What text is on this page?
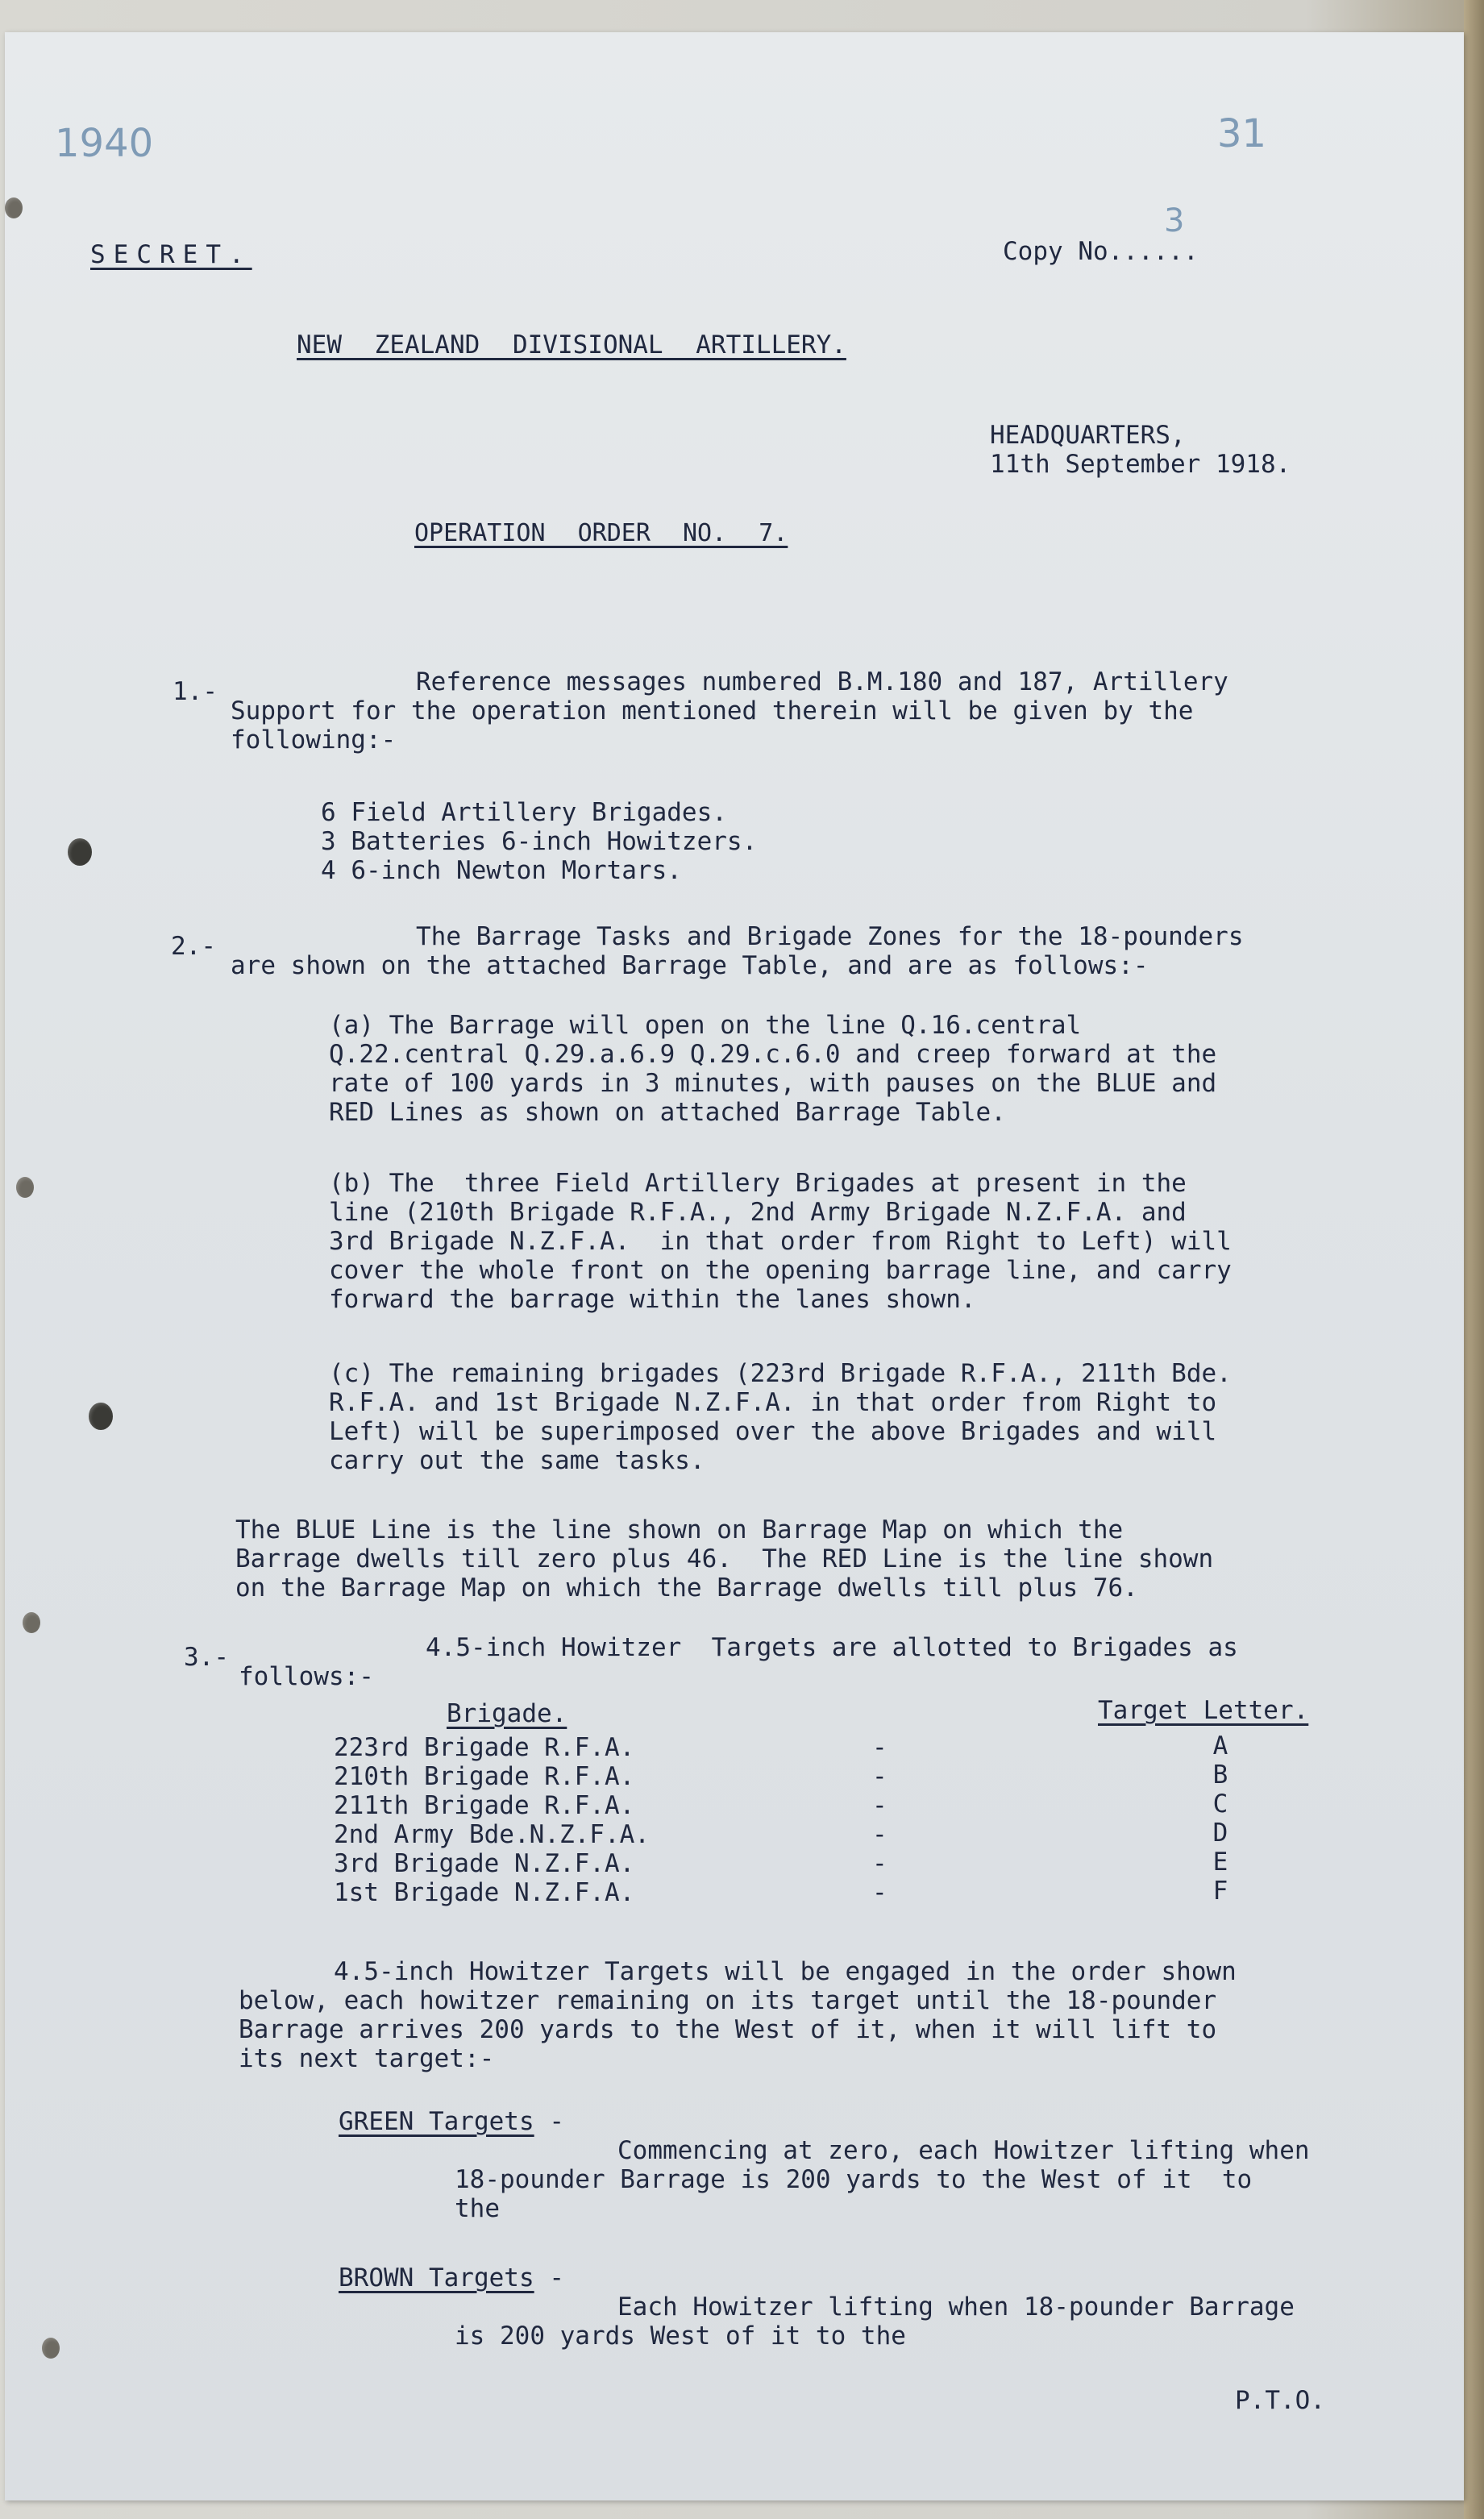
1940	31
SECRET.	Copy No......
3
NEW ZEALAND DIVISIONAL ARTILLERY.
HEADQUARTERS,
11th September 1918.
OPERATION ORDER NO. 7.
1.-	Reference messages numbered B.M.180 and 187, Artillery
Support for the operation mentioned therein will be given by the
following:-
6 Field Artillery Brigades.
3 Batteries 6-inch Howitzers.
4 6-inch Newton Mortars.
2.-	The Barrage Tasks and Brigade Zones for the 18-pounders
are shown on the attached Barrage Table, and are as follows:-
(a) The Barrage will open on the line Q.16.central
Q.22.central Q.29.a.6.9 Q.29.c.6.0 and creep forward at the
rate of 100 yards in 3 minutes, with pauses on the BLUE and
RED Lines as shown on attached Barrage Table.
(b) The  three Field Artillery Brigades at present in the
line (210th Brigade R.F.A., 2nd Army Brigade N.Z.F.A. and
3rd Brigade N.Z.F.A.  in that order from Right to Left) will
cover the whole front on the opening barrage line, and carry
forward the barrage within the lanes shown.
(c) The remaining brigades (223rd Brigade R.F.A., 211th Bde.
R.F.A. and 1st Brigade N.Z.F.A. in that order from Right to
Left) will be superimposed over the above Brigades and will
carry out the same tasks.
The BLUE Line is the line shown on Barrage Map on which the
Barrage dwells till zero plus 46.  The RED Line is the line shown
on the Barrage Map on which the Barrage dwells till plus 76.
3.-	4.5-inch Howitzer  Targets are allotted to Brigades as
follows:-
Brigade.	Target Letter.
223rd Brigade R.F.A.	-	A
210th Brigade R.F.A.	-	B
211th Brigade R.F.A.	-	C
2nd Army Bde.N.Z.F.A.	-	D
3rd Brigade N.Z.F.A.	-	E
1st Brigade N.Z.F.A.	-	F
4.5-inch Howitzer Targets will be engaged in the order shown
below, each howitzer remaining on its target until the 18-pounder
Barrage arrives 200 yards to the West of it, when it will lift to
its next target:-
GREEN Targets -
Commencing at zero, each Howitzer lifting when
18-pounder Barrage is 200 yards to the West of it  to
the
BROWN Targets -
Each Howitzer lifting when 18-pounder Barrage
is 200 yards West of it to the
P.T.O.
